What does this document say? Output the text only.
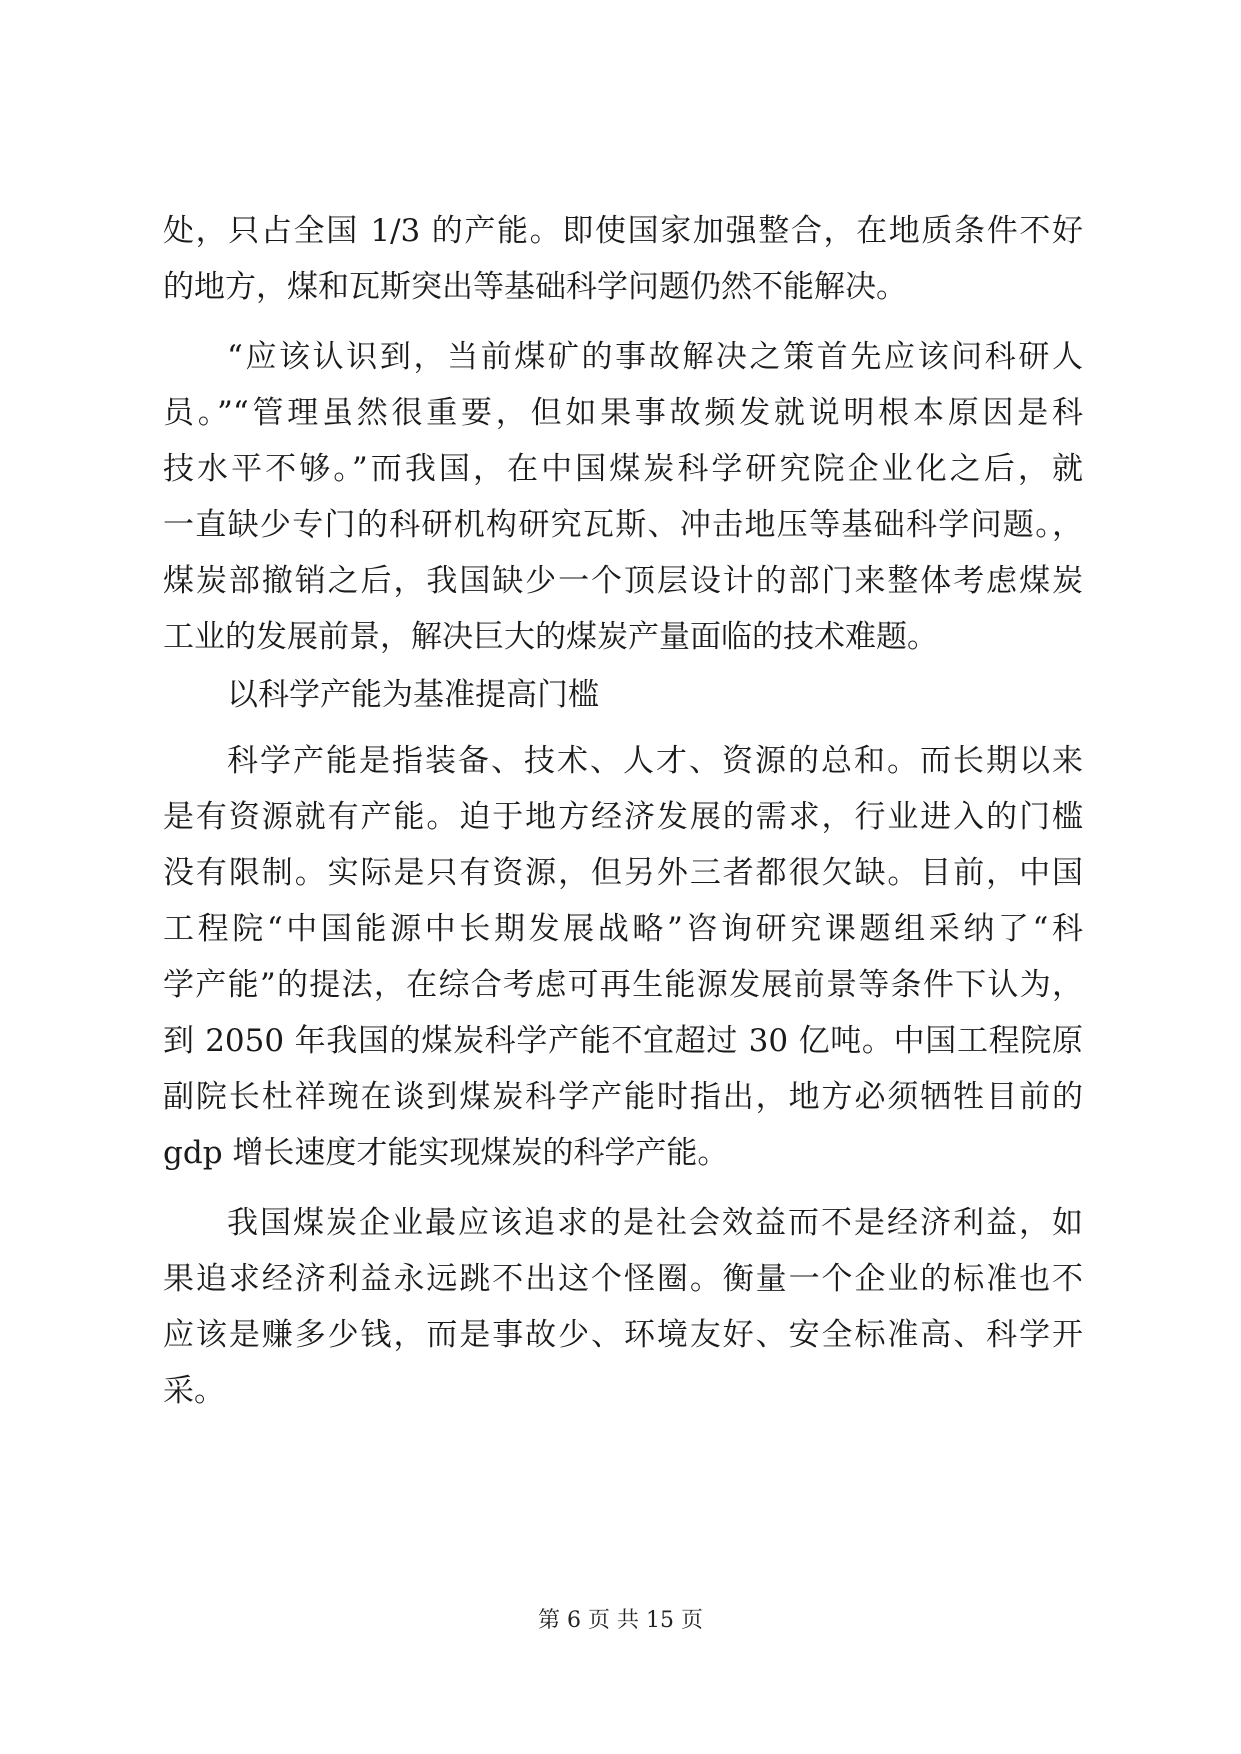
处，只占全国 1/3 的产能。即使国家加强整合，在地质条件不好
的地方，煤和瓦斯突出等基础科学问题仍然不能解决。
“应该认识到，当前煤矿的事故解决之策首先应该问科研人
员。”“管理虽然很重要，但如果事故频发就说明根本原因是科
技水平不够。”而我国，在中国煤炭科学研究院企业化之后，就
一直缺少专门的科研机构研究瓦斯、冲击地压等基础科学问题。，
煤炭部撤销之后，我国缺少一个顶层设计的部门来整体考虑煤炭
工业的发展前景，解决巨大的煤炭产量面临的技术难题。
以科学产能为基准提高门槛
科学产能是指装备、技术、人才、资源的总和。而长期以来
是有资源就有产能。迫于地方经济发展的需求，行业进入的门槛
没有限制。实际是只有资源，但另外三者都很欠缺。目前，中国
工程院“中国能源中长期发展战略”咨询研究课题组采纳了“科
学产能”的提法，在综合考虑可再生能源发展前景等条件下认为，
到 2050 年我国的煤炭科学产能不宜超过 30 亿吨。中国工程院原
副院长杜祥琬在谈到煤炭科学产能时指出，地方必须牺牲目前的
gdp 增长速度才能实现煤炭的科学产能。
我国煤炭企业最应该追求的是社会效益而不是经济利益，如
果追求经济利益永远跳不出这个怪圈。衡量一个企业的标准也不
应该是赚多少钱，而是事故少、环境友好、安全标准高、科学开
采。
第 6 页 共 15 页
